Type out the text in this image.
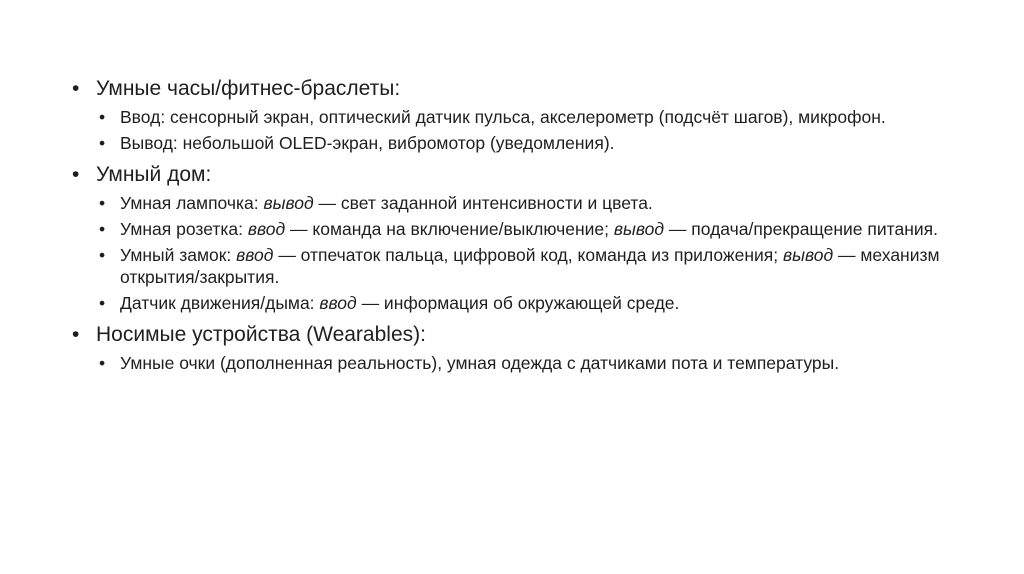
• Умные часы/фитнес-браслеты:
• Ввод: сенсорный экран, оптический датчик пульса, акселерометр (подсчёт шагов), микрофон.
• Вывод: небольшой OLED-экран, вибромотор (уведомления).
• Умный дом:
• Умная лампочка: вывод — свет заданной интенсивности и цвета.
• Умная розетка: ввод — команда на включение/выключение; вывод — подача/прекращение питания.
• Умный замок: ввод — отпечаток пальца, цифровой код, команда из приложения; вывод — механизм открытия/закрытия.
• Датчик движения/дыма: ввод — информация об окружающей среде.
• Носимые устройства (Wearables):
• Умные очки (дополненная реальность), умная одежда с датчиками пота и температуры.
